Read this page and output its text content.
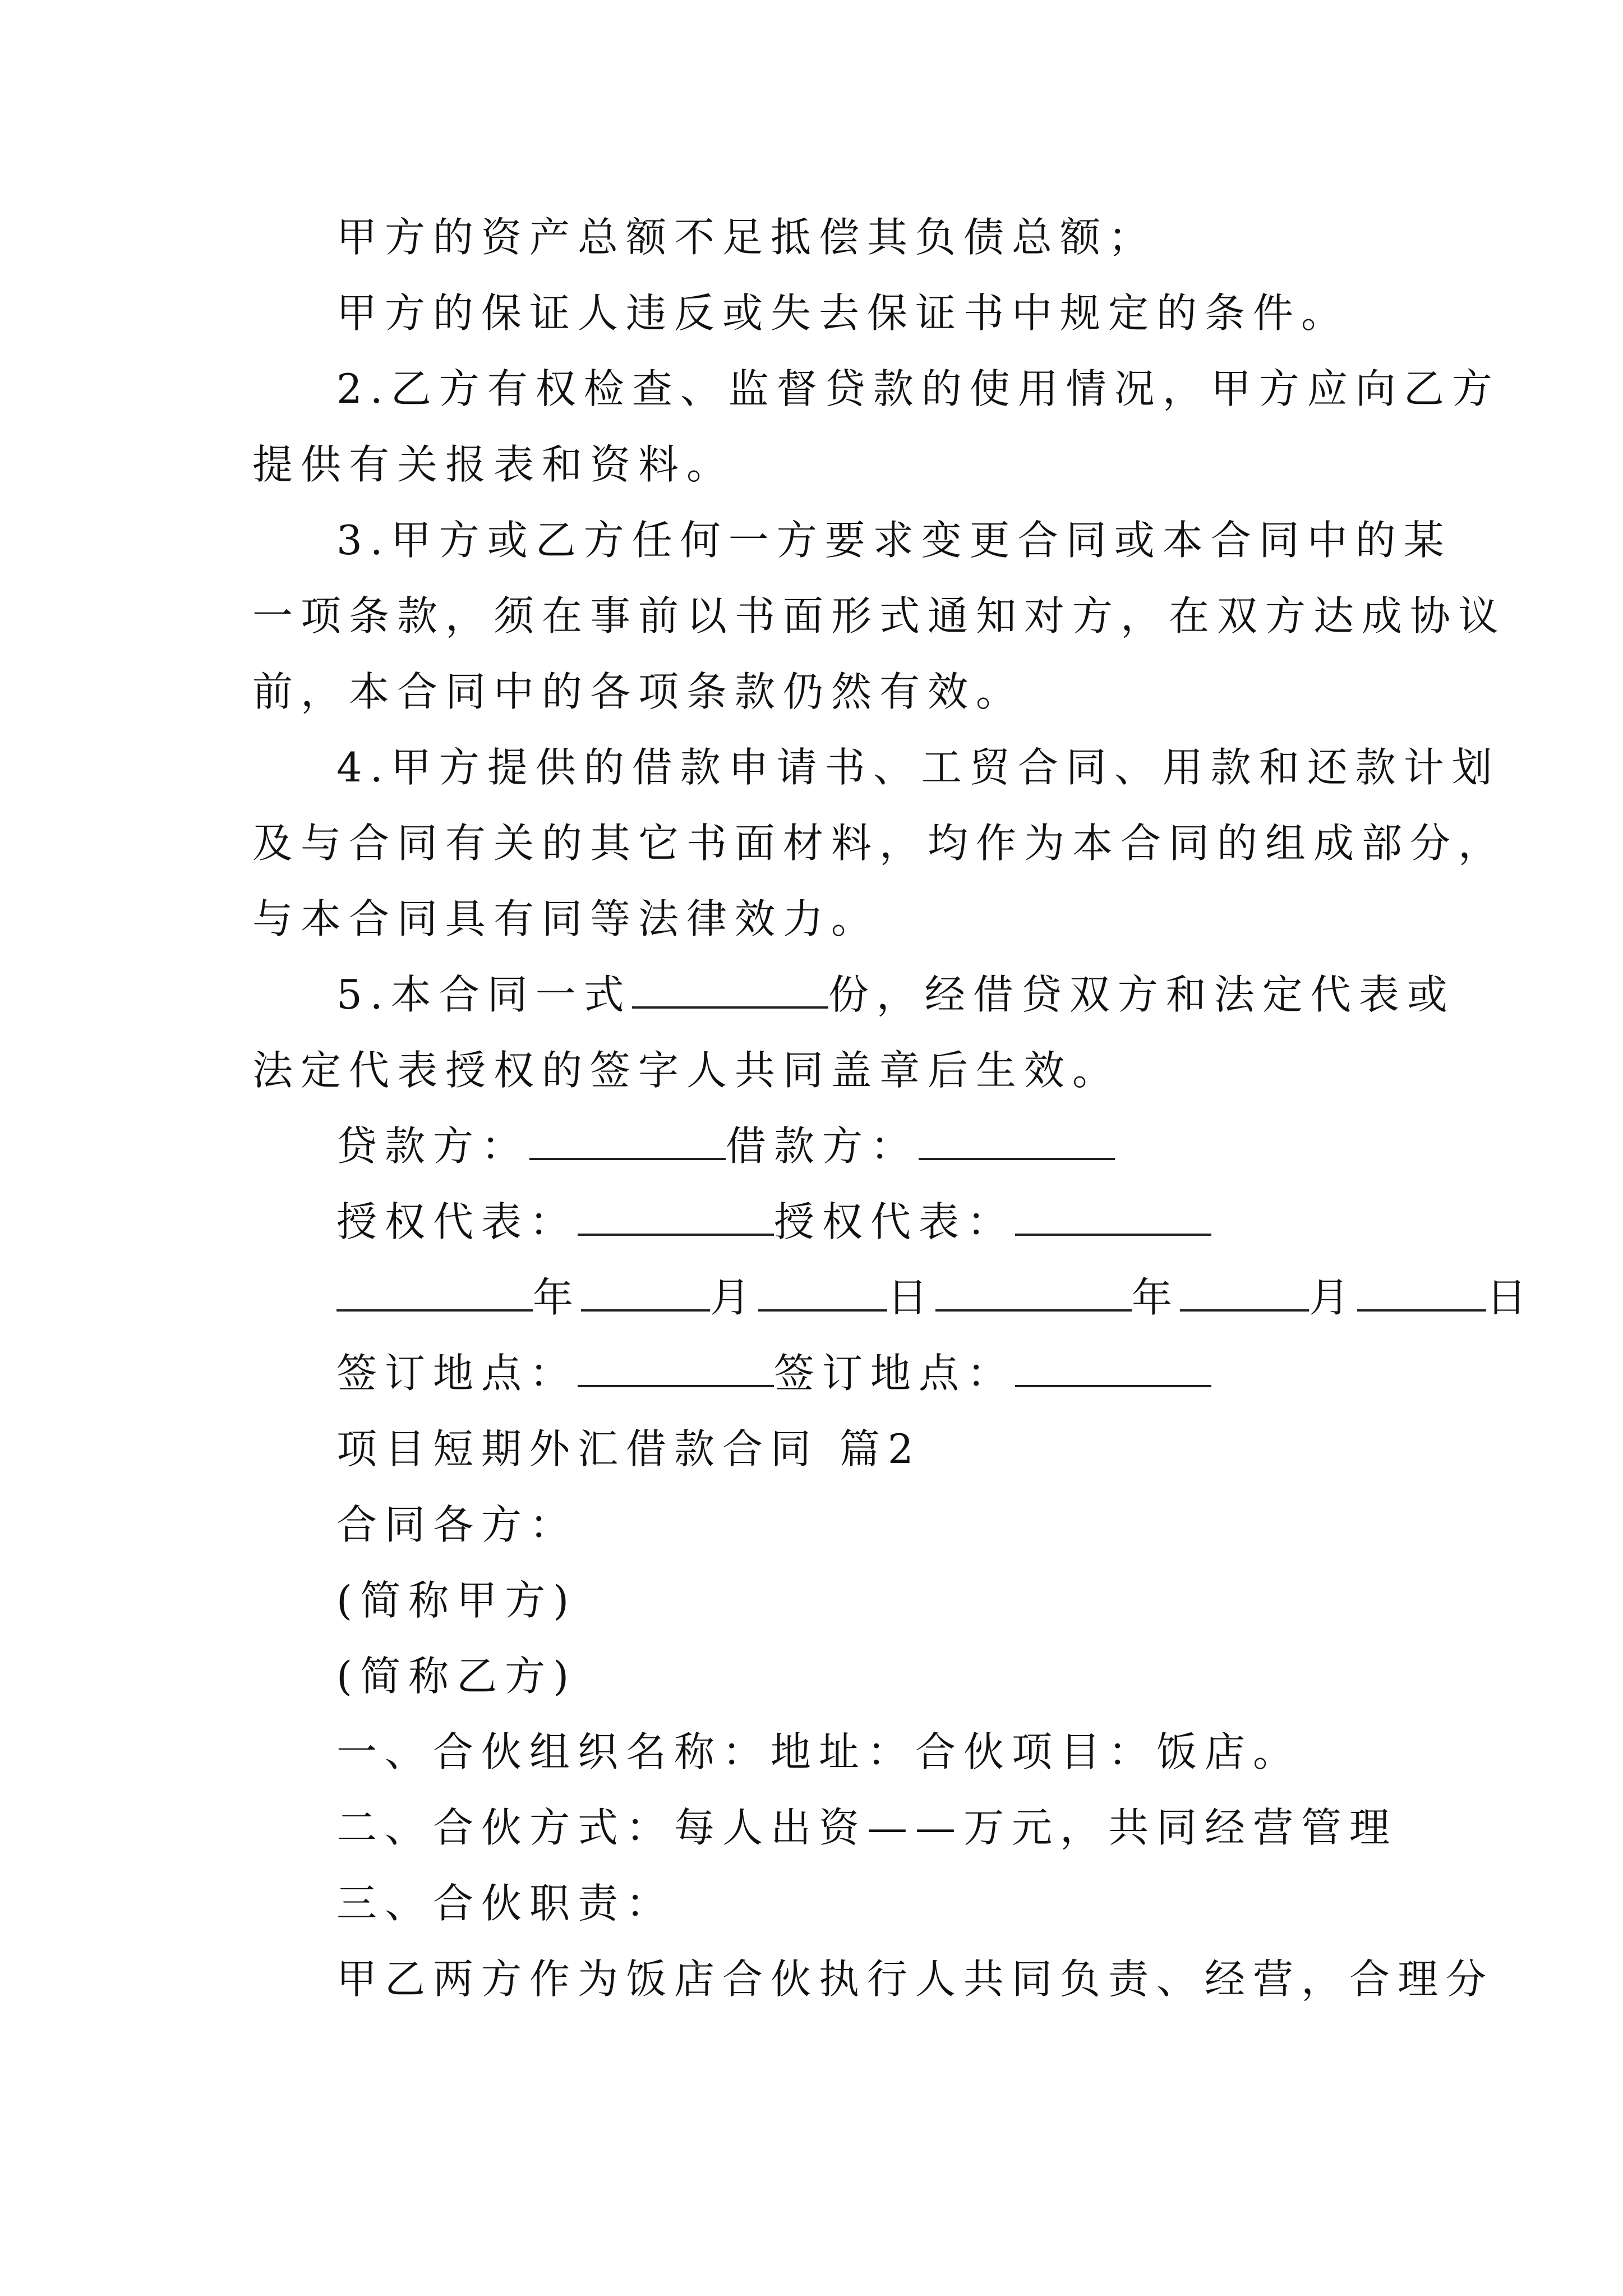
甲方的资产总额不足抵偿其负债总额；
甲方的保证人违反或失去保证书中规定的条件。
2.乙方有权检查、监督贷款的使用情况，甲方应向乙方
提供有关报表和资料。
3.甲方或乙方任何一方要求变更合同或本合同中的某
一项条款，须在事前以书面形式通知对方，在双方达成协议
前，本合同中的各项条款仍然有效。
4.甲方提供的借款申请书、工贸合同、用款和还款计划
及与合同有关的其它书面材料，均作为本合同的组成部分，
与本合同具有同等法律效力。
5.本合同一式	份，经借贷双方和法定代表或
法定代表授权的签字人共同盖章后生效。
贷款方：	借款方：
授权代表：	授权代表：
年	月	日	年	月	日
签订地点：	签订地点：
项目短期外汇借款合同 篇2
合同各方：
(简称甲方)
(简称乙方)
一、合伙组织名称：地址：合伙项目：饭店。
二、合伙方式：每人出资——万元，共同经营管理
三、合伙职责：
甲乙两方作为饭店合伙执行人共同负责、经营，合理分
